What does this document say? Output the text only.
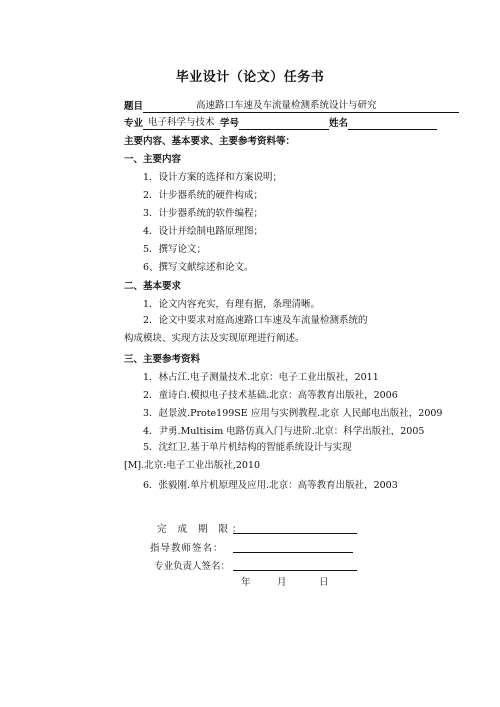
毕业设计（论文）任务书
题目	高速路口车速及车流量检测系统设计与研究
专业 电子科学与技术 学号	姓名
主要内容、基本要求、主要参考资料等：
一、主要内容
1．设计方案的选择和方案说明；
2．计步器系统的硬件构成；
3．计步器系统的软件编程；
4．设计并绘制电路原理图；
5．撰写论文；
6、撰写文献综述和论文。
二、基本要求
1．论文内容充实，有理有据，条理清晰。
2．论文中要求对庭高速路口车速及车流量检测系统的构成模块、实现方法及实现原理进行阐述。
三、主要参考资料
1．林占江.电子测量技术.北京：电子工业出版社，2011
2．童诗白.模拟电子技术基础.北京：高等教育出版社，2006
3．赵景波.Prote199SE 应用与实例教程.北京 人民邮电出版社，2009
4．尹勇.Multisim 电路仿真入门与进阶.北京：科学出版社，2005
5．沈红卫.基于单片机结构的智能系统设计与实现[M].北京:电子工业出版社,2010
6．张毅刚.单片机原理及应用.北京：高等教育出版社，2003
完 成 期 限：
指导教师签名：
专业负责人签名：
年	月	日
